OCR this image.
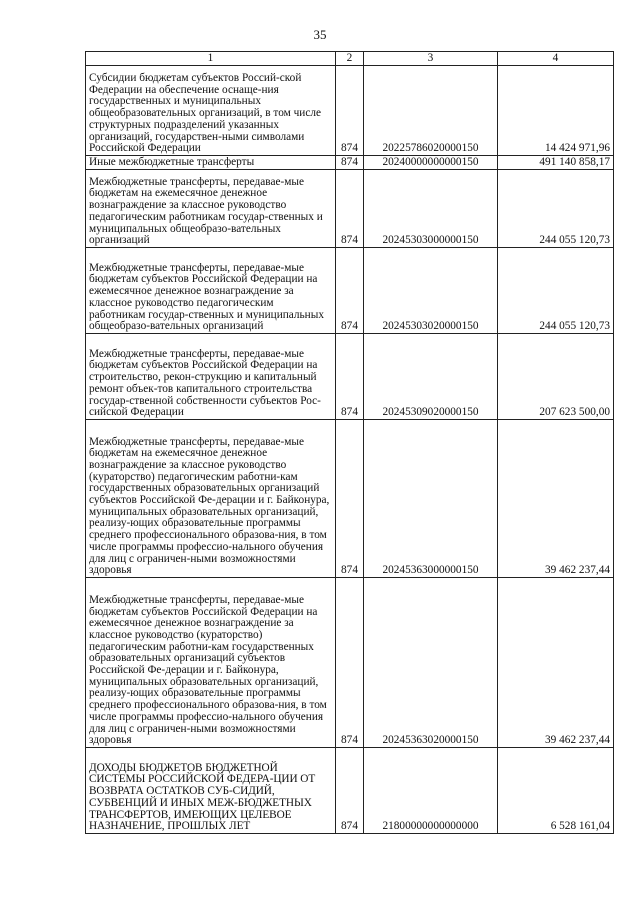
35
1	2	3	4
Субсидии бюджетам субъектов Россий-ской Федерации на обеспечение оснаще-ния государственных и муниципальных общеобразовательных организаций, в том числе структурных подразделений указанных организаций, государствен-ными символами Российской Федерации	874	20225786020000150	14 424 971,96
Иные межбюджетные трансферты	874	20240000000000150	491 140 858,17
Межбюджетные трансферты, передавае-мые бюджетам на ежемесячное денежное вознаграждение за классное руководство педагогическим работникам государ-ственных и муниципальных общеобразо-вательных организаций	874	20245303000000150	244 055 120,73
Межбюджетные трансферты, передавае-мые бюджетам субъектов Российской Федерации на ежемесячное денежное вознаграждение за классное руководство педагогическим работникам государ-ственных и муниципальных общеобразо-вательных организаций	874	20245303020000150	244 055 120,73
Межбюджетные трансферты, передавае-мые бюджетам субъектов Российской Федерации на строительство, рекон-струкцию и капитальный ремонт объек-тов капитального строительства государ-ственной собственности субъектов Рос-сийской Федерации	874	20245309020000150	207 623 500,00
Межбюджетные трансферты, передавае-мые бюджетам на ежемесячное денежное вознаграждение за классное руководство (кураторство) педагогическим работни-кам государственных образовательных организаций субъектов Российской Фе-дерации и г. Байконура, муниципальных образовательных организаций, реализу-ющих образовательные программы среднего профессионального образова-ния, в том числе программы профессио-нального обучения для лиц с ограничен-ными возможностями здоровья	874	20245363000000150	39 462 237,44
Межбюджетные трансферты, передавае-мые бюджетам субъектов Российской Федерации на ежемесячное денежное вознаграждение за классное руководство (кураторство) педагогическим работни-кам государственных образовательных организаций субъектов Российской Фе-дерации и г. Байконура, муниципальных образовательных организаций, реализу-ющих образовательные программы среднего профессионального образова-ния, в том числе программы профессио-нального обучения для лиц с ограничен-ными возможностями здоровья	874	20245363020000150	39 462 237,44
ДОХОДЫ БЮДЖЕТОВ БЮДЖЕТНОЙ СИСТЕМЫ РОССИЙСКОЙ ФЕДЕРА-ЦИИ ОТ ВОЗВРАТА ОСТАТКОВ СУБ-СИДИЙ, СУБВЕНЦИЙ И ИНЫХ МЕЖ-БЮДЖЕТНЫХ ТРАНСФЕРТОВ, ИМЕЮЩИХ ЦЕЛЕВОЕ НАЗНАЧЕНИЕ, ПРОШЛЫХ ЛЕТ	874	21800000000000000	6 528 161,04
